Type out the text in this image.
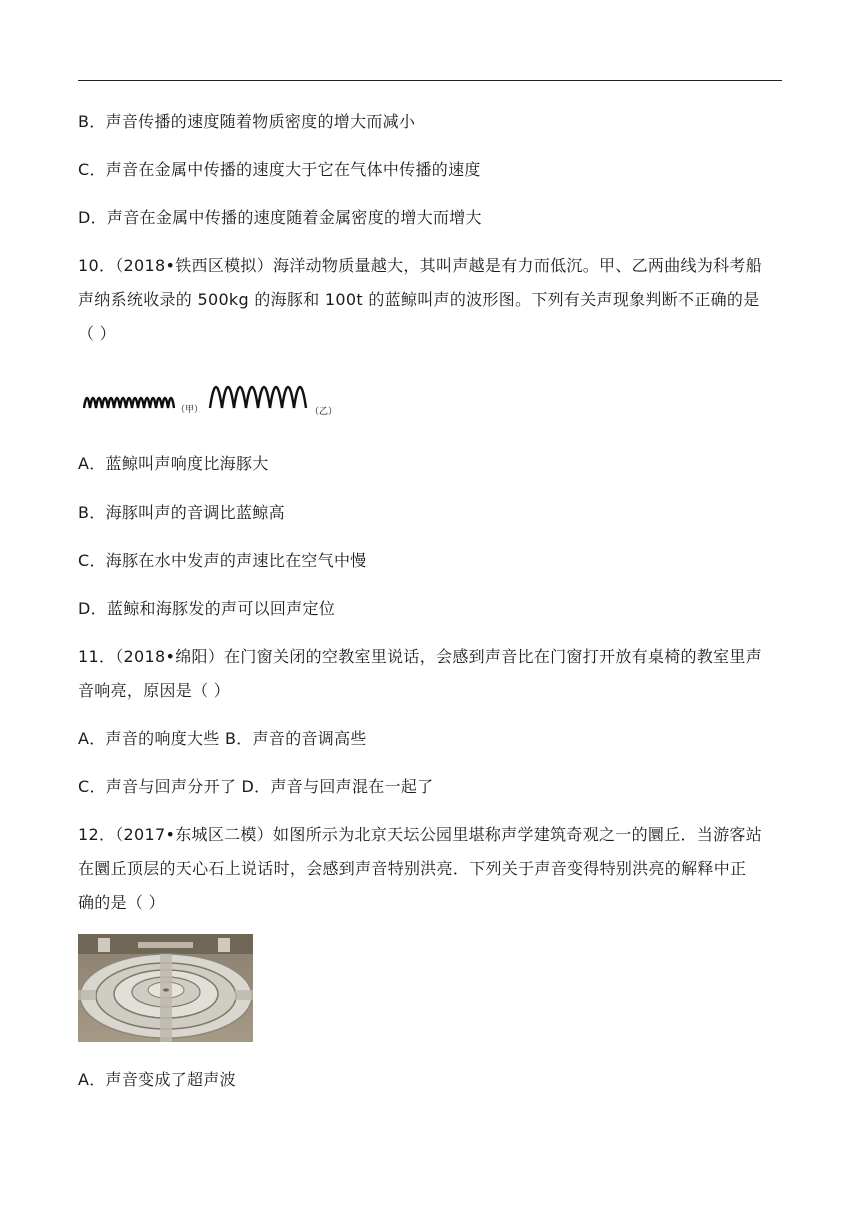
B．声音传播的速度随着物质密度的增大而减小
C．声音在金属中传播的速度大于它在气体中传播的速度
D．声音在金属中传播的速度随着金属密度的增大而增大
10．（2018•铁西区模拟）海洋动物质量越大，其叫声越是有力而低沉。甲、乙两曲线为科考船
声纳系统收录的 500kg 的海豚和 100t 的蓝鲸叫声的波形图。下列有关声现象判断不正确的是
（ ）
（甲）	（乙）
A．蓝鲸叫声响度比海豚大
B．海豚叫声的音调比蓝鲸高
C．海豚在水中发声的声速比在空气中慢
D．蓝鲸和海豚发的声可以回声定位
11．（2018•绵阳）在门窗关闭的空教室里说话，会感到声音比在门窗打开放有桌椅的教室里声
音响亮，原因是（ ）
A．声音的响度大些 B．声音的音调高些
C．声音与回声分开了 D．声音与回声混在一起了
12．（2017•东城区二模）如图所示为北京天坛公园里堪称声学建筑奇观之一的圜丘．当游客站
在圜丘顶层的天心石上说话时，会感到声音特别洪亮．下列关于声音变得特别洪亮的解释中正
确的是（ ）
A．声音变成了超声波
